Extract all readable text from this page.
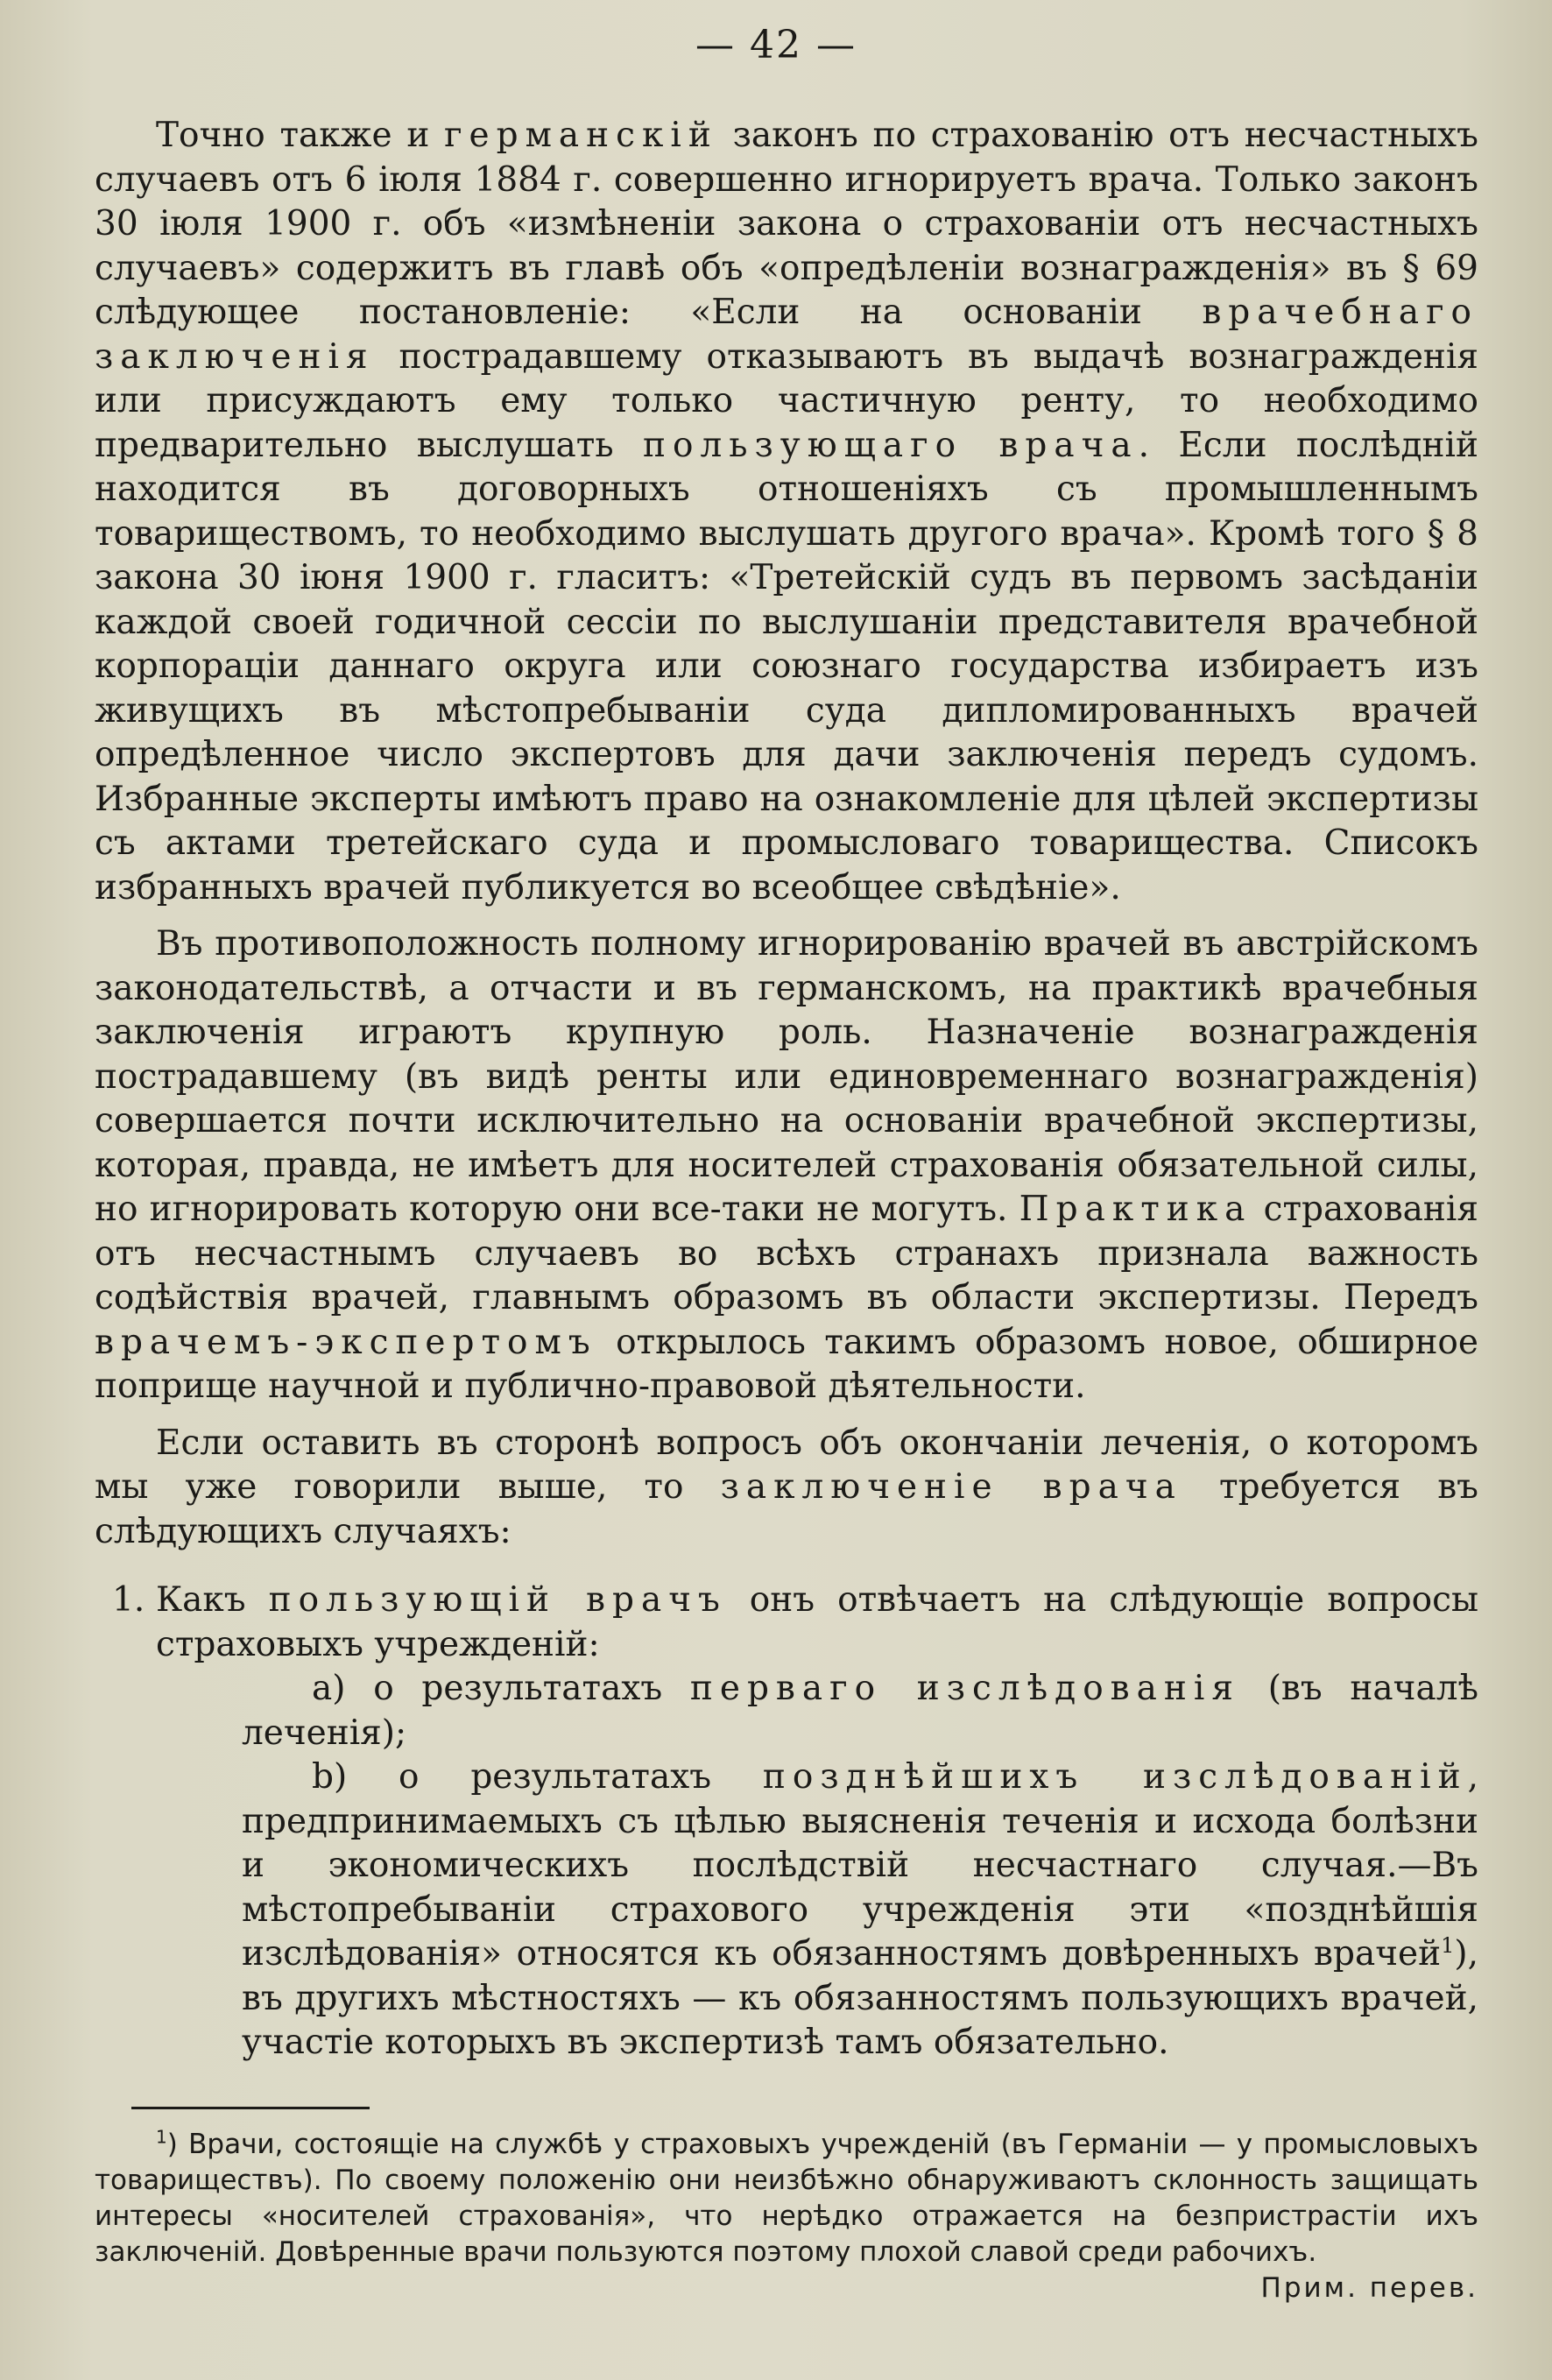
— 42 —

Точно также и германскій законъ по страхованію отъ несчастныхъ случаевъ отъ 6 іюля 1884 г. совершенно игнорируетъ врача. Только законъ 30 іюля 1900 г. объ «измѣненіи закона о страхованіи отъ несчастныхъ случаевъ» содержитъ въ главѣ объ «опредѣленіи вознагражденія» въ § 69 слѣдующее постановленіе: «Если на основаніи врачебнаго заключенія пострадавшему отказываютъ въ выдачѣ вознагражденія или присуждаютъ ему только частичную ренту, то необходимо предварительно выслушать пользующаго врача. Если послѣдній находится въ договорныхъ отношеніяхъ съ промышленнымъ товариществомъ, то необходимо выслушать другого врача». Кромѣ того § 8 закона 30 іюня 1900 г. гласитъ: «Третейскій судъ въ первомъ засѣданіи каждой своей годичной сессіи по выслушаніи представителя врачебной корпораціи даннаго округа или союзнаго государства избираетъ изъ живущихъ въ мѣстопребываніи суда дипломированныхъ врачей опредѣленное число экспертовъ для дачи заключенія передъ судомъ. Избранные эксперты имѣютъ право на ознакомленіе для цѣлей экспертизы съ актами третейскаго суда и промысловаго товарищества. Списокъ избранныхъ врачей публикуется во всеобщее свѣдѣніе».

Въ противоположность полному игнорированію врачей въ австрійскомъ законодательствѣ, а отчасти и въ германскомъ, на практикѣ врачебныя заключенія играютъ крупную роль. Назначеніе вознагражденія пострадавшему (въ видѣ ренты или единовременнаго вознагражденія) совершается почти исключительно на основаніи врачебной экспертизы, которая, правда, не имѣетъ для носителей страхованія обязательной силы, но игнорировать которую они все-таки не могутъ. Практика страхованія отъ несчастнымъ случаевъ во всѣхъ странахъ признала важность содѣйствія врачей, главнымъ образомъ въ области экспертизы. Передъ врачемъ-экспертомъ открылось такимъ образомъ новое, обширное поприще научной и публично-правовой дѣятельности.

Если оставить въ сторонѣ вопросъ объ окончаніи леченія, о которомъ мы уже говорили выше, то заключеніе врача требуется въ слѣдующихъ случаяхъ:

1. Какъ пользующій врачъ онъ отвѣчаетъ на слѣдующіе вопросы страховыхъ учрежденій:
а) о результатахъ перваго изслѣдованія (въ началѣ леченія);
b) о результатахъ позднѣйшихъ изслѣдованій, предпринимаемыхъ съ цѣлью выясненія теченія и исхода болѣзни и экономическихъ послѣдствій несчастнаго случая.—Въ мѣстопребываніи страхового учрежденія эти «позднѣйшія изслѣдованія» относятся къ обязанностямъ довѣренныхъ врачей$^1$), въ другихъ мѣстностяхъ — къ обязанностямъ пользующихъ врачей, участіе которыхъ въ экспертизѣ тамъ обязательно.
$^1$) Врачи, состоящіе на службѣ у страховыхъ учрежденій (въ Германіи — у промысловыхъ товариществъ). По своему положенію они неизбѣжно обнаруживаютъ склонность защищать интересы «носителей страхованія», что нерѣдко отражается на безпристрастіи ихъ заключеній. Довѣренные врачи пользуются поэтому плохой славой среди рабочихъ.
Прим. перев.
